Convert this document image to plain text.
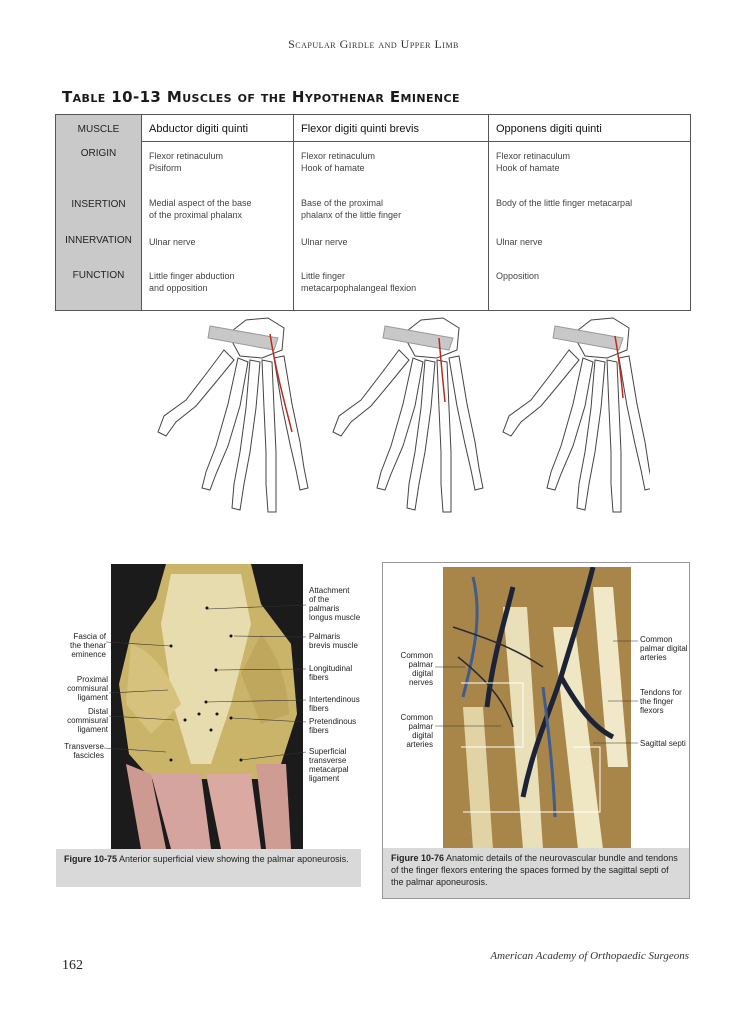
Scapular Girdle and Upper Limb
Table 10-13 Muscles of the Hypothenar Eminence
MUSCLE
ORIGIN
INSERTION
INNERVATION
FUNCTION
Abductor digiti quinti
Flexor retinaculum
Pisiform
Medial aspect of the base
of the proximal phalanx
Ulnar nerve
Little finger abduction
and opposition
Flexor digiti quinti brevis
Flexor retinaculum
Hook of hamate
Base of the proximal
phalanx of the little finger
Ulnar nerve
Little finger
metacarpophalangeal flexion
Opponens digiti quinti
Flexor retinaculum
Hook of hamate
Body of the little finger metacarpal
Ulnar nerve
Opposition
Fascia of
the thenar
eminence
Proximal
commisural
ligament
Distal
commisural
ligament
Transverse
fascicles
Attachment
of the
palmaris
longus muscle
Palmaris
brevis muscle
Longitudinal
fibers
Intertendinous
fibers
Pretendinous
fibers
Superficial
transverse
metacarpal
ligament
Figure 10-75 Anterior superficial view showing the palmar aponeurosis.
Common
palmar
digital nerves
Common
palmar
digital
arteries
Common
palmar digital
arteries
Tendons for
the finger
flexors
Sagittal septi
Figure 10-76 Anatomic details of the neurovascular bundle and tendons of the finger flexors entering the spaces formed by the sagittal septi of the palmar aponeurosis.
162
American Academy of Orthopaedic Surgeons
